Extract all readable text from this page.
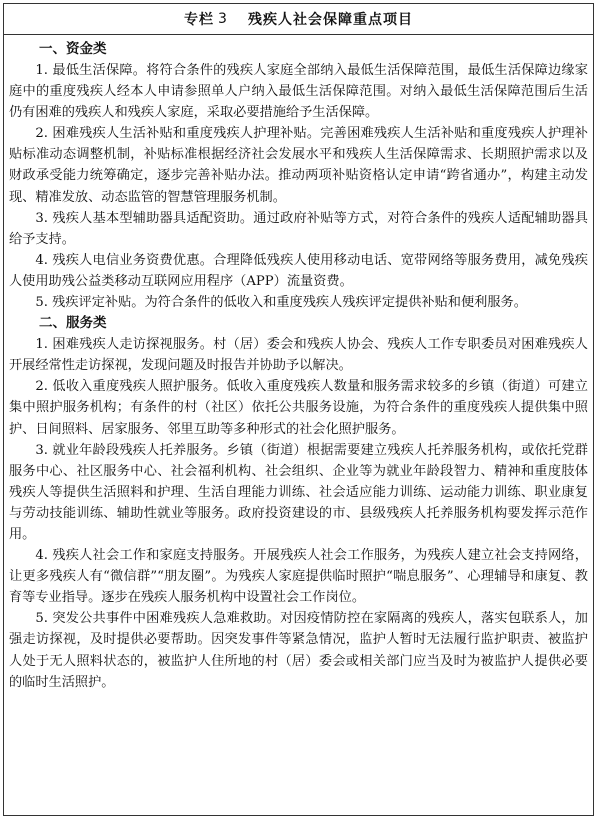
专栏 3 残疾人社会保障重点项目
一、资金类

1. 最低生活保障。将符合条件的残疾人家庭全部纳入最低生活保障范围，最低生活保障边缘家庭中的重度残疾人经本人申请参照单人户纳入最低生活保障范围。对纳入最低生活保障范围后生活仍有困难的残疾人和残疾人家庭，采取必要措施给予生活保障。

2. 困难残疾人生活补贴和重度残疾人护理补贴。完善困难残疾人生活补贴和重度残疾人护理补贴标准动态调整机制，补贴标准根据经济社会发展水平和残疾人生活保障需求、长期照护需求以及财政承受能力统筹确定，逐步完善补贴办法。推动两项补贴资格认定申请“跨省通办”，构建主动发现、精准发放、动态监管的智慧管理服务机制。

3. 残疾人基本型辅助器具适配资助。通过政府补贴等方式，对符合条件的残疾人适配辅助器具给予支持。

4. 残疾人电信业务资费优惠。合理降低残疾人使用移动电话、宽带网络等服务费用，减免残疾人使用助残公益类移动互联网应用程序（APP）流量资费。

5. 残疾评定补贴。为符合条件的低收入和重度残疾人残疾评定提供补贴和便利服务。

二、服务类

1. 困难残疾人走访探视服务。村（居）委会和残疾人协会、残疾人工作专职委员对困难残疾人开展经常性走访探视，发现问题及时报告并协助予以解决。

2. 低收入重度残疾人照护服务。低收入重度残疾人数量和服务需求较多的乡镇（街道）可建立集中照护服务机构；有条件的村（社区）依托公共服务设施，为符合条件的重度残疾人提供集中照护、日间照料、居家服务、邻里互助等多种形式的社会化照护服务。

3. 就业年龄段残疾人托养服务。乡镇（街道）根据需要建立残疾人托养服务机构，或依托党群服务中心、社区服务中心、社会福利机构、社会组织、企业等为就业年龄段智力、精神和重度肢体残疾人等提供生活照料和护理、生活自理能力训练、社会适应能力训练、运动能力训练、职业康复与劳动技能训练、辅助性就业等服务。政府投资建设的市、县级残疾人托养服务机构要发挥示范作用。

4. 残疾人社会工作和家庭支持服务。开展残疾人社会工作服务，为残疾人建立社会支持网络，让更多残疾人有“微信群”“朋友圈”。为残疾人家庭提供临时照护“喘息服务”、心理辅导和康复、教育等专业指导。逐步在残疾人服务机构中设置社会工作岗位。

5. 突发公共事件中困难残疾人急难救助。对因疫情防控在家隔离的残疾人，落实包联系人，加强走访探视，及时提供必要帮助。因突发事件等紧急情况，监护人暂时无法履行监护职责、被监护人处于无人照料状态的，被监护人住所地的村（居）委会或相关部门应当及时为被监护人提供必要的临时生活照护。
